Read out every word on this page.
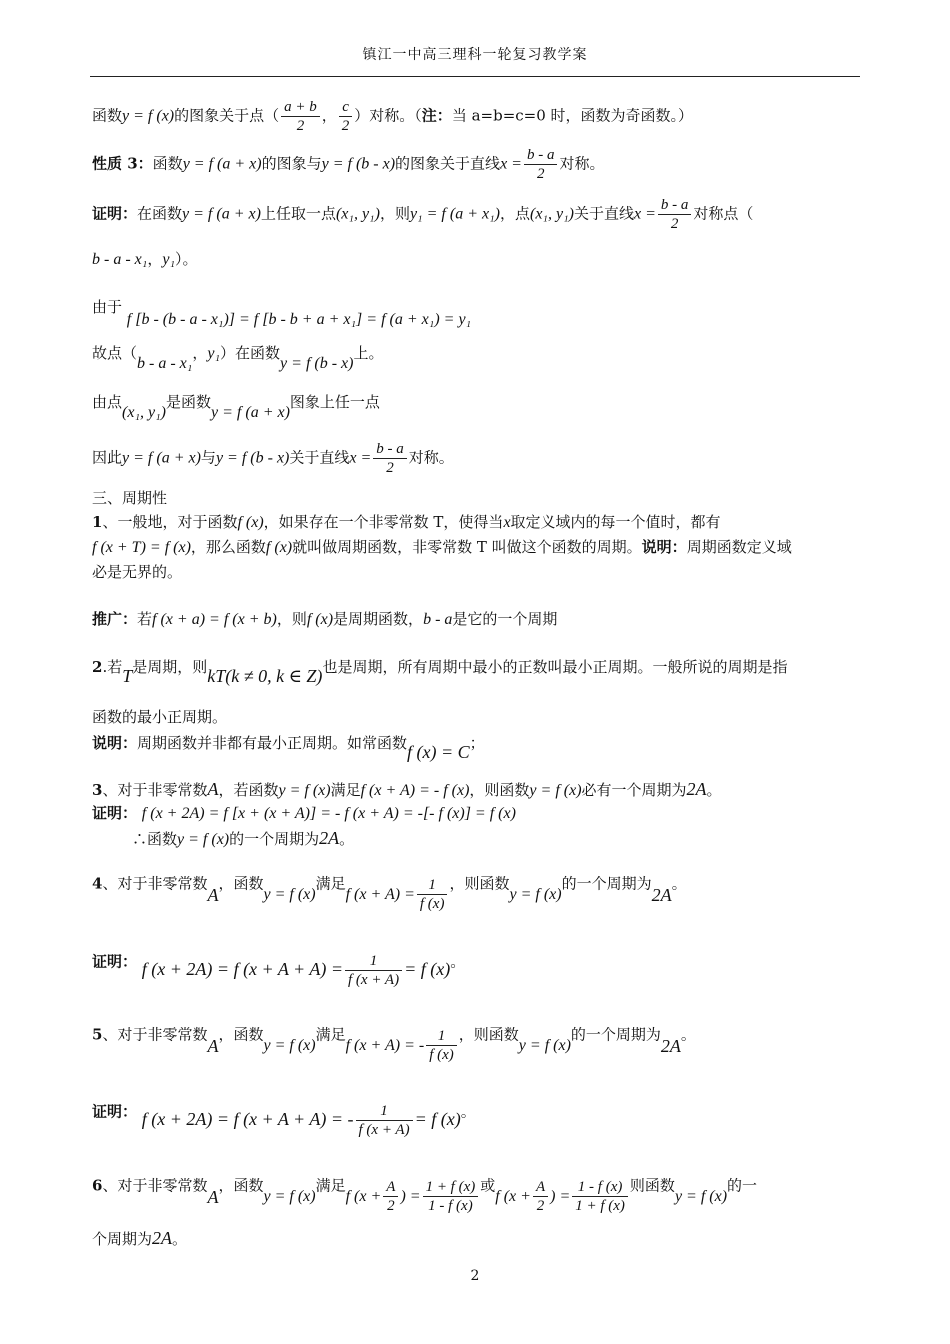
镇江一中高三理科一轮复习教学案
函数y = f (x)的图象关于点（ $\frac{a + b}{2}$ ， $\frac{c}{2}$ ）对称。（注：当 a=b=c=0 时，函数为奇函数。）
性质 3：函数y = f (a + x)的图象与y = f (b - x)的图象关于直线$x = \frac{b - a}{2}$ 对称。
证明：在函数y = f (a + x)上任取一点(x₁, y₁)，则y₁ = f (a + x₁)，点(x₁, y₁)关于直线$x = \frac{b - a}{2}$ 对称点（
b - a - x₁，y₁）。
由于 f [b - (b - a - x₁)] = f [b - b + a + x₁] = f (a + x₁) = y₁
故点（b - a - x₁，y₁）在函数y = f (b - x)上。
由点(x₁, y₁)是函数y = f (a + x)图象上任一点
因此y = f (a + x)与y = f (b - x)关于直线$x = \frac{b - a}{2}$ 对称。
三、周期性
1、一般地，对于函数f (x)，如果存在一个非零常数 T，使得当x取定义域内的每一个值时，都有
f (x + T) = f (x)，那么函数f (x)就叫做周期函数，非零常数 T 叫做这个函数的周期。说明：周期函数定义域
必是无界的。
推广：若f (x + a) = f (x + b)，则f (x)是周期函数，b - a是它的一个周期
2.若T是周期，则kT(k ≠ 0, k ∈ Z)也是周期，所有周期中最小的正数叫最小正周期。一般所说的周期是指
函数的最小正周期。
说明：周期函数并非都有最小正周期。如常函数f (x) = C；
3、对于非零常数A，若函数y = f (x)满足f (x + A) = - f (x)，则函数y = f (x)必有一个周期为2A。
证明： f (x + 2A) = f [x + (x + A)] = - f (x + A) = -[- f (x)] = f (x)
∴函数y = f (x)的一个周期为2A。
4、对于非零常数A，函数y = f (x)满足f $(x + A) = \frac{1}{f (x)}$ ，则函数y = f (x)的一个周期为2A。
证明： f (x + 2A) = f $(x + A + A) = \frac{1}{f (x + A)} = f$ (x)。
5、对于非零常数A，函数y = f (x)满足f (x + A) = - $\frac{1}{f (x)}$ ，则函数y = f (x)的一个周期为2A。
证明： f (x + 2A) = f (x + A + A) = - $\frac{1}{f (x + A)} = f$ (x)。
6、对于非零常数A，函数y = f (x)满足f ($x + \frac{A}{2}$ ) = $\frac{1 + f (x)}{1 - f (x)}$ 或f ($x + \frac{A}{2}$ ) = $\frac{1 - f (x)}{1 + f (x)}$ 则函数y = f (x)的一
个周期为2A。
2
